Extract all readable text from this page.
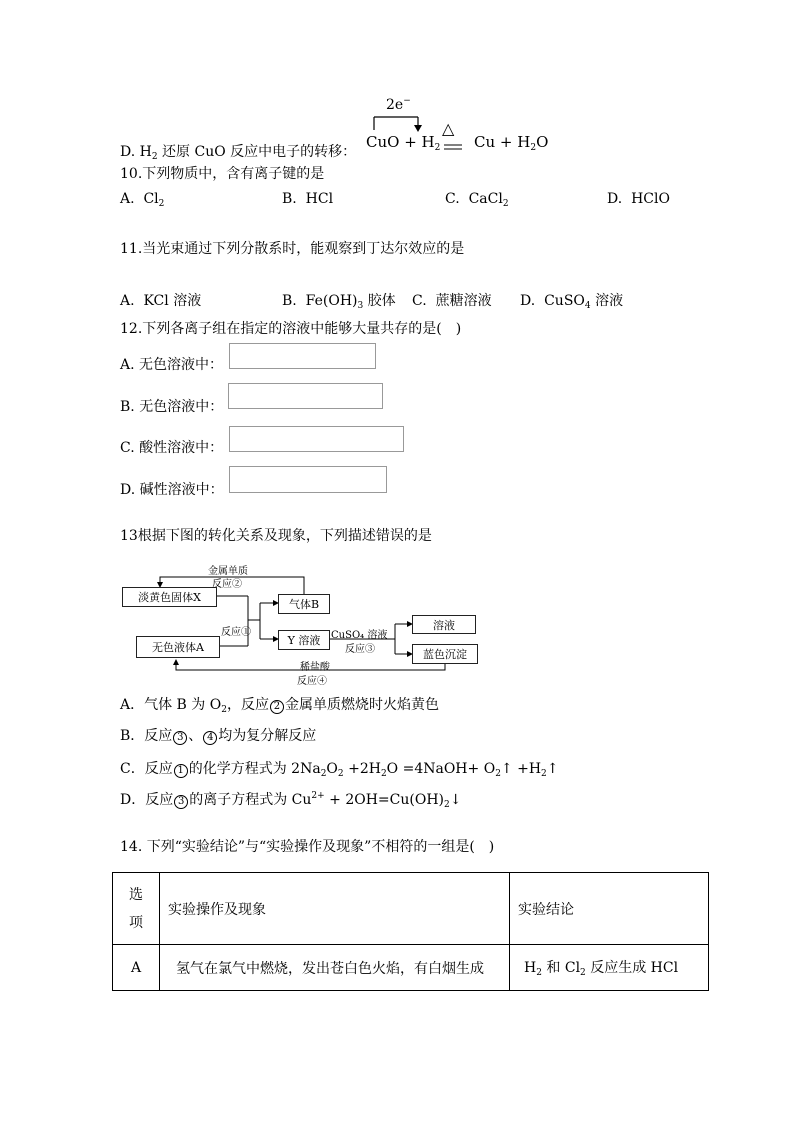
2e−
D. $H_2$ 还原 CuO 反应中电子的转移：
CuO + $H_2$
△
$Cu + H_2O$
10.下列物质中，含有离子键的是
A. $Cl_2$	B. HCl	C. CaCl$_2$	D. HClO
11.当光束通过下列分散系时，能观察到丁达尔效应的是
A. KCl 溶液	B. $Fe(OH)_3$ 胶体 C. 蔗糖溶液 D. CuSO$_4$ 溶液
12.下列各离子组在指定的溶液中能够大量共存的是(　)
A. 无色溶液中：
B. 无色溶液中：
C. 酸性溶液中：
D. 碱性溶液中：
13根据下图的转化关系及现象，下列描述错误的是
淡黄色固体X
无色液体A
气体B
Y 溶液
溶液
蓝色沉淀
金属单质
反应②
反应①	CuSO₄ 溶液
反应③
稀盐酸
反应④
A．气体 B 为 $O_2$，反应 2 金属单质燃烧时火焰黄色
B．反应 3 、 4 均为复分解反应
C．反应 1 的化学方程式为 $2Na_2O_2 +2H_2O$ =4NaOH+ $O_2↑$ $+H_2↑$
D．反应 3 的离子方程式为 $Cu^{2+}$ + $2OH=Cu(OH)_2↓$
14. 下列“实验结论”与“实验操作及现象”不相符的一组是(　)
选
项	实验操作及现象	实验结论
A	氢气在氯气中燃烧，发出苍白色火焰，有白烟生成	$H_2$ 和 $Cl_2$ 反应生成 HCl
